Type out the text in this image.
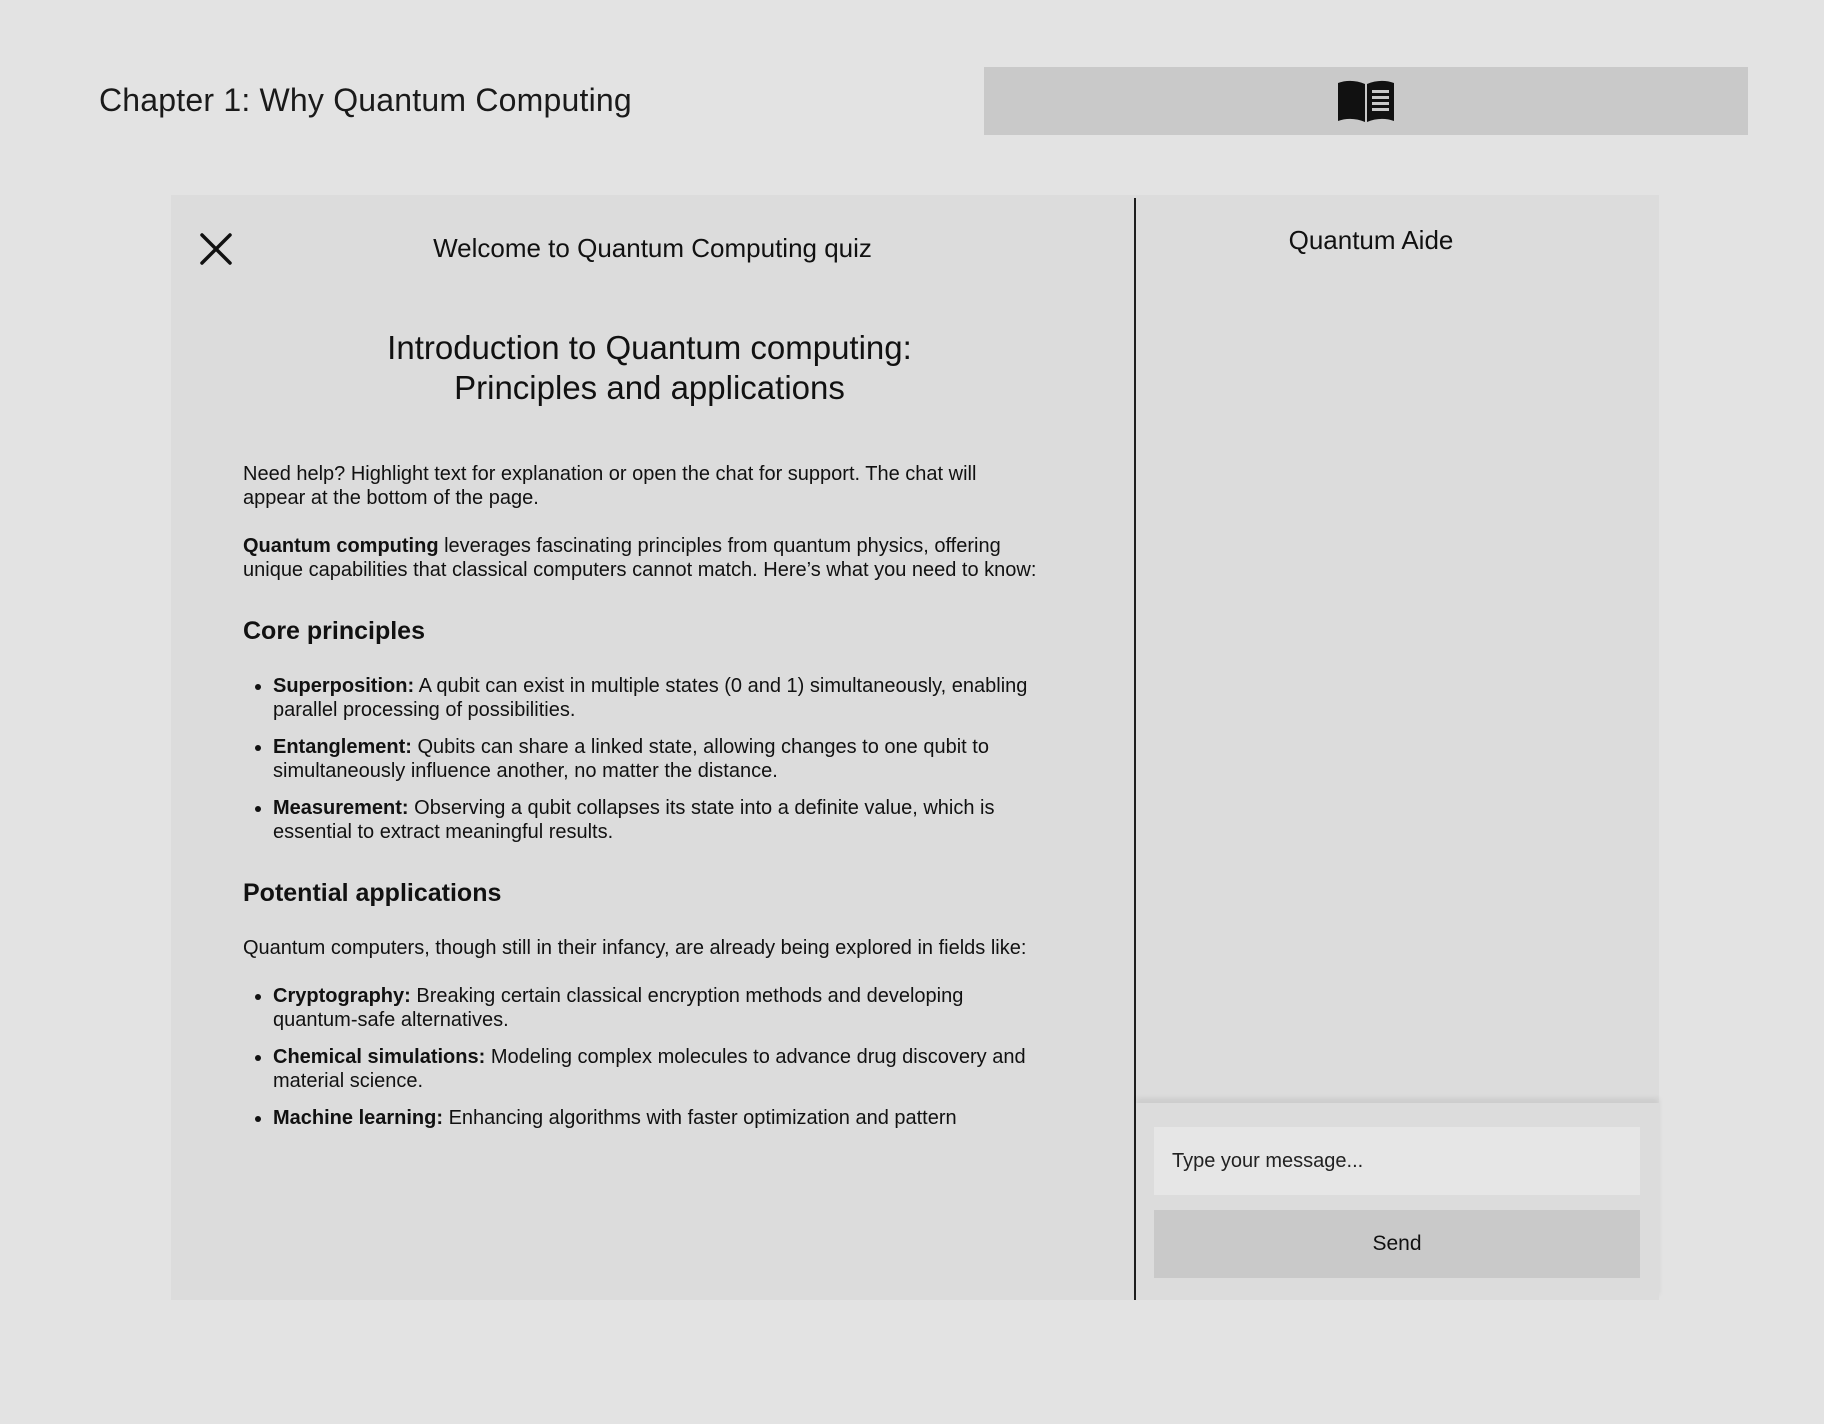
Chapter 1: Why Quantum Computing
Welcome to Quantum Computing quiz
Introduction to Quantum computing:
Principles and applications

Need help? Highlight text for explanation or open the chat for support. The chat will appear at the bottom of the page.

Quantum computing leverages fascinating principles from quantum physics, offering unique capabilities that classical computers cannot match. Here’s what you need to know:

Core principles
Superposition: A qubit can exist in multiple states (0 and 1) simultaneously, enabling parallel processing of possibilities.
Entanglement: Qubits can share a linked state, allowing changes to one qubit to simultaneously influence another, no matter the distance.
Measurement: Observing a qubit collapses its state into a definite value, which is essential to extract meaningful results.
Potential applications

Quantum computers, though still in their infancy, are already being explored in fields like:

Cryptography: Breaking certain classical encryption methods and developing quantum-safe alternatives.
Chemical simulations: Modeling complex molecules to advance drug discovery and material science.
Machine learning: Enhancing algorithms with faster optimization and pattern
Quantum Aide
Type your message...
Send
